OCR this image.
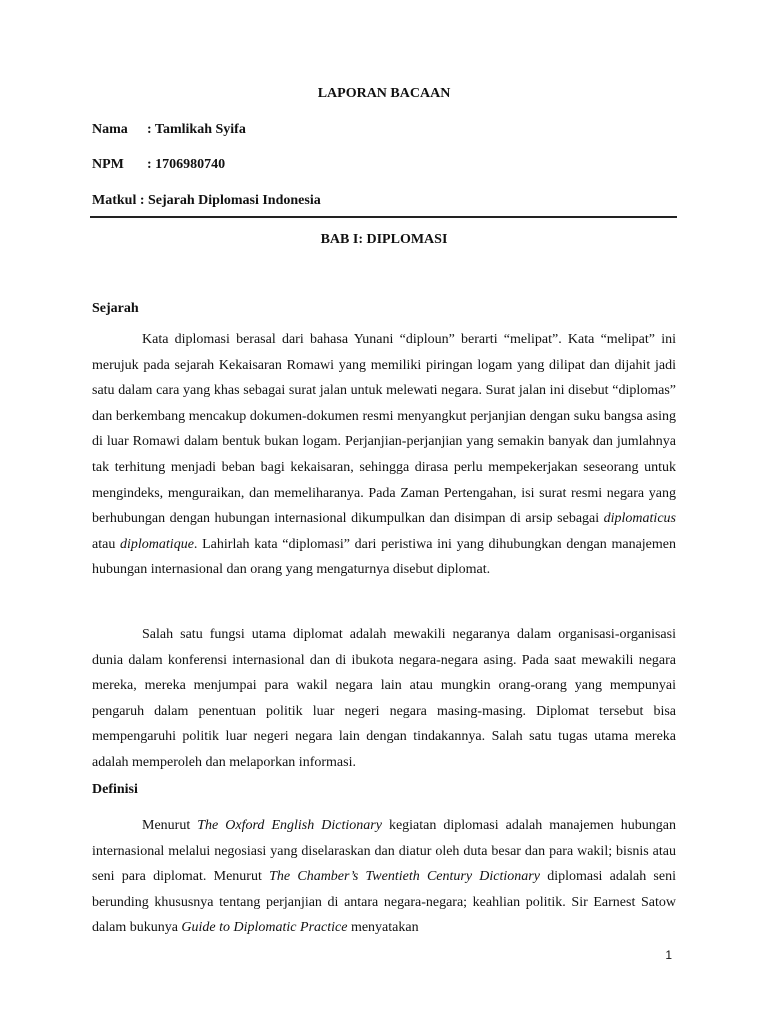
LAPORAN BACAAN
Nama : Tamlikah Syifa
NPM : 1706980740
Matkul : Sejarah Diplomasi Indonesia
BAB I: DIPLOMASI
Sejarah

Kata diplomasi berasal dari bahasa Yunani “diploun” berarti “melipat”. Kata “melipat” ini merujuk pada sejarah Kekaisaran Romawi yang memiliki piringan logam yang dilipat dan dijahit jadi satu dalam cara yang khas sebagai surat jalan untuk melewati negara. Surat jalan ini disebut “diplomas” dan berkembang mencakup dokumen-dokumen resmi menyangkut perjanjian dengan suku bangsa asing di luar Romawi dalam bentuk bukan logam. Perjanjian-perjanjian yang semakin banyak dan jumlahnya tak terhitung menjadi beban bagi kekaisaran, sehingga dirasa perlu mempekerjakan seseorang untuk mengindeks, menguraikan, dan memeliharanya. Pada Zaman Pertengahan, isi surat resmi negara yang berhubungan dengan hubungan internasional dikumpulkan dan disimpan di arsip sebagai diplomaticus atau diplomatique. Lahirlah kata “diplomasi” dari peristiwa ini yang dihubungkan dengan manajemen hubungan internasional dan orang yang mengaturnya disebut diplomat.

Salah satu fungsi utama diplomat adalah mewakili negaranya dalam organisasi-organisasi dunia dalam konferensi internasional dan di ibukota negara-negara asing. Pada saat mewakili negara mereka, mereka menjumpai para wakil negara lain atau mungkin orang-orang yang mempunyai pengaruh dalam penentuan politik luar negeri negara masing-masing. Diplomat tersebut bisa mempengaruhi politik luar negeri negara lain dengan tindakannya. Salah satu tugas utama mereka adalah memperoleh dan melaporkan informasi.

Definisi

Menurut The Oxford English Dictionary kegiatan diplomasi adalah manajemen hubungan internasional melalui negosiasi yang diselaraskan dan diatur oleh duta besar dan para wakil; bisnis atau seni para diplomat. Menurut The Chamber’s Twentieth Century Dictionary diplomasi adalah seni berunding khususnya tentang perjanjian di antara negara-negara; keahlian politik. Sir Earnest Satow dalam bukunya Guide to Diplomatic Practice menyatakan

1
